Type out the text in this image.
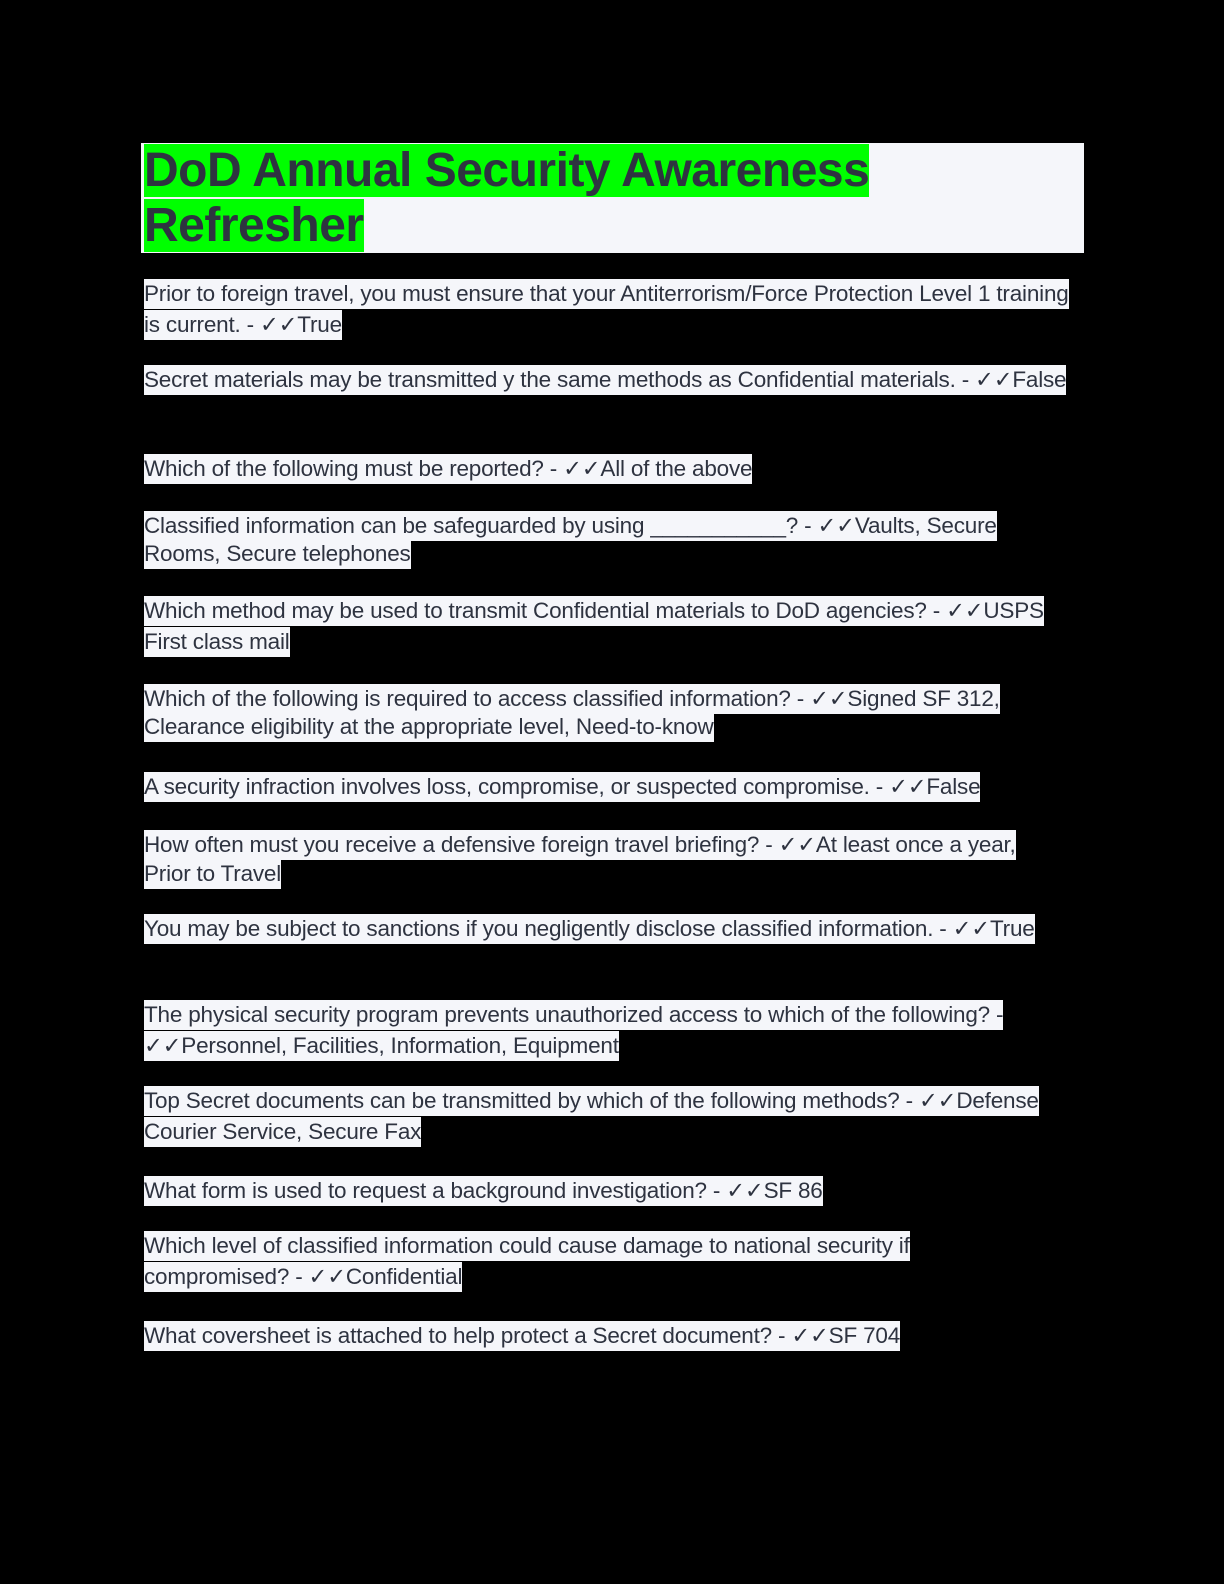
DoD Annual Security Awareness Refresher
Prior to foreign travel, you must ensure that your Antiterrorism/Force Protection Level 1 training is current. - ✓✓True
Secret materials may be transmitted y the same methods as Confidential materials. - ✓✓False
Which of the following must be reported? - ✓✓All of the above
Classified information can be safeguarded by using ___________? - ✓✓Vaults, Secure Rooms, Secure telephones
Which method may be used to transmit Confidential materials to DoD agencies? - ✓✓USPS First class mail
Which of the following is required to access classified information? - ✓✓Signed SF 312, Clearance eligibility at the appropriate level, Need-to-know
A security infraction involves loss, compromise, or suspected compromise. - ✓✓False
How often must you receive a defensive foreign travel briefing? - ✓✓At least once a year, Prior to Travel
You may be subject to sanctions if you negligently disclose classified information. - ✓✓True
The physical security program prevents unauthorized access to which of the following? - ✓✓Personnel, Facilities, Information, Equipment
Top Secret documents can be transmitted by which of the following methods? - ✓✓Defense Courier Service, Secure Fax
What form is used to request a background investigation? - ✓✓SF 86
Which level of classified information could cause damage to national security if compromised? - ✓✓Confidential
What coversheet is attached to help protect a Secret document? - ✓✓SF 704
